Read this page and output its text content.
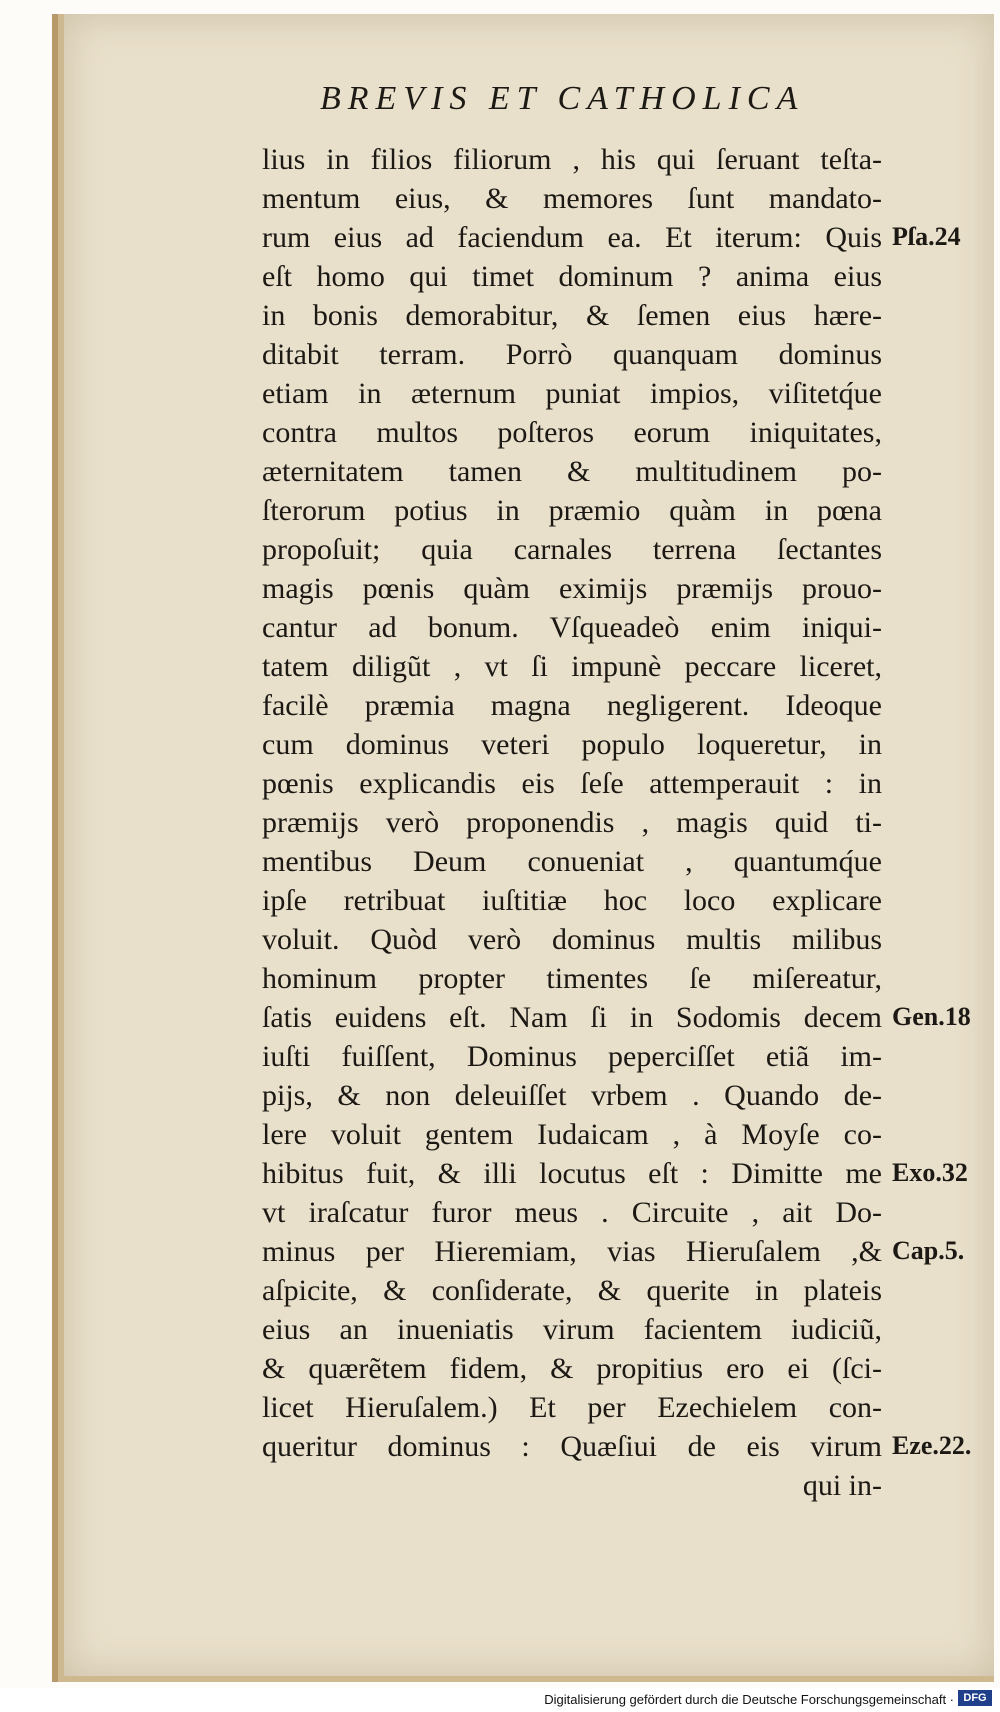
BREVIS ET CATHOLICA
lius in filios filiorum , his qui ſeruant teſta-
mentum eius, & memores ſunt mandato-
rum eius ad faciendum ea. Et iterum: Quis
eſt homo qui timet dominum ? anima eius
in bonis demorabitur, & ſemen eius hære-
ditabit terram. Porrò quanquam dominus
etiam in æternum puniat impios, viſitetq́ue
contra multos poſteros eorum iniquitates,
æternitatem tamen & multitudinem po-
ſterorum potius in præmio quàm in pœna
propoſuit; quia carnales terrena ſectantes
magis pœnis quàm eximijs præmijs prouo-
cantur ad bonum. Vſqueadeò enim iniqui-
tatem diligũt , vt ſi impunè peccare liceret,
facilè præmia magna negligerent. Ideoque
cum dominus veteri populo loqueretur, in
pœnis explicandis eis ſeſe attemperauit : in
præmijs verò proponendis , magis quid ti-
mentibus Deum conueniat , quantumq́ue
ipſe retribuat iuſtitiæ hoc loco explicare
voluit. Quòd verò dominus multis milibus
hominum propter timentes ſe miſereatur,
ſatis euidens eſt. Nam ſi in Sodomis decem
iuſti fuiſſent, Dominus peperciſſet etiã im-
pijs, & non deleuiſſet vrbem . Quando de-
lere voluit gentem Iudaicam , à Moyſe co-
hibitus fuit, & illi locutus eſt : Dimitte me
vt iraſcatur furor meus . Circuite , ait Do-
minus per Hieremiam, vias Hieruſalem ,&
aſpicite, & conſiderate, & querite in plateis
eius an inueniatis virum facientem iudiciũ,
& quærẽtem fidem, & propitius ero ei (ſci-
licet Hieruſalem.) Et per Ezechielem con-
queritur dominus : Quæſiui de eis virum
qui in-
Pſa.24
Gen.18
Exo.32
Cap.5.
Eze.22.
Digitalisierung gefördert durch die Deutsche Forschungsgemeinschaft · DFG
